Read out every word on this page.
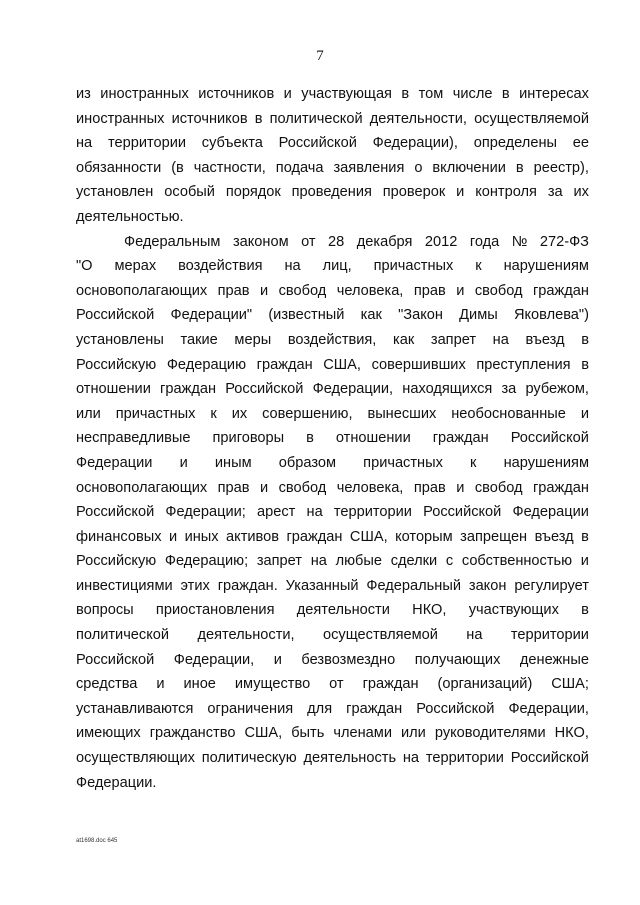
7
из иностранных источников и участвующая в том числе в интересах
иностранных источников в политической деятельности, осуществляемой
на территории субъекта Российской Федерации), определены ее
обязанности (в частности, подача заявления о включении в реестр),
установлен особый порядок проведения проверок и контроля за их
деятельностью.
Федеральным законом от 28 декабря 2012 года № 272-ФЗ
"О мерах воздействия на лиц, причастных к нарушениям
основополагающих прав и свобод человека, прав и свобод граждан
Российской Федерации" (известный как "Закон Димы Яковлева")
установлены такие меры воздействия, как запрет на въезд в
Российскую Федерацию граждан США, совершивших преступления в
отношении граждан Российской Федерации, находящихся за рубежом,
или причастных к их совершению, вынесших необоснованные и
несправедливые приговоры в отношении граждан Российской
Федерации и иным образом причастных к нарушениям
основополагающих прав и свобод человека, прав и свобод граждан
Российской Федерации; арест на территории Российской Федерации
финансовых и иных активов граждан США, которым запрещен въезд в
Российскую Федерацию; запрет на любые сделки с собственностью и
инвестициями этих граждан. Указанный Федеральный закон регулирует
вопросы приостановления деятельности НКО, участвующих в
политической деятельности, осуществляемой на территории
Российской Федерации, и безвозмездно получающих денежные
средства и иное имущество от граждан (организаций) США;
устанавливаются ограничения для граждан Российской Федерации,
имеющих гражданство США, быть членами или руководителями НКО,
осуществляющих политическую деятельность на территории Российской
Федерации.
at1698.doc 645
